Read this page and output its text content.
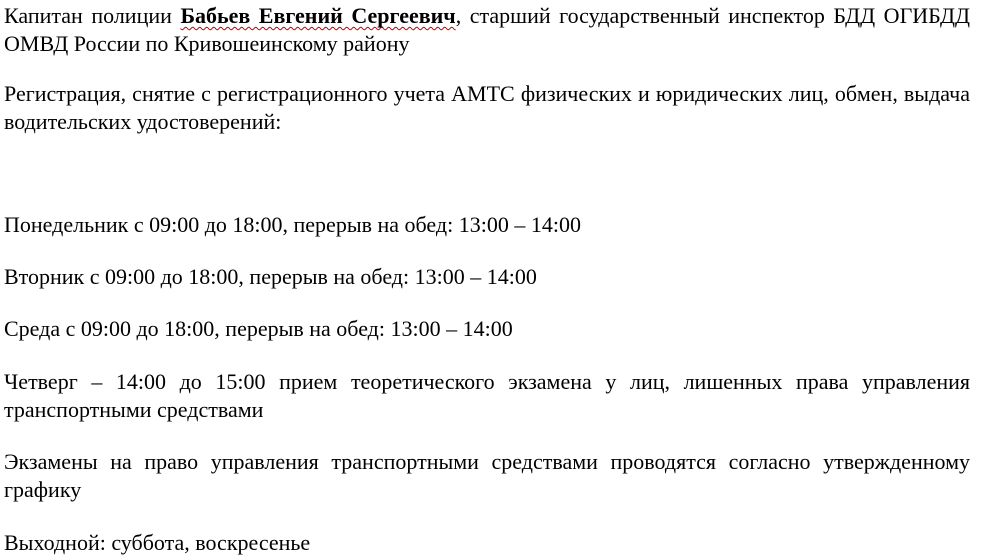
Капитан полиции Бабьев Евгений Сергеевич, старший государственный инспектор БДД ОГИБДД ОМВД России по Кривошеинскому району

Регистрация, снятие с регистрационного учета АМТС физических и юридических лиц, обмен, выдача водительских удостоверений:

Понедельник с 09:00 до 18:00, перерыв на обед: 13:00 – 14:00

Вторник с 09:00 до 18:00, перерыв на обед: 13:00 – 14:00

Среда с 09:00 до 18:00, перерыв на обед: 13:00 – 14:00

Четверг – 14:00 до 15:00 прием теоретического экзамена у лиц, лишенных права управления транспортными средствами

Экзамены на право управления транспортными средствами проводятся согласно утвержденному графику

Выходной: суббота, воскресенье
